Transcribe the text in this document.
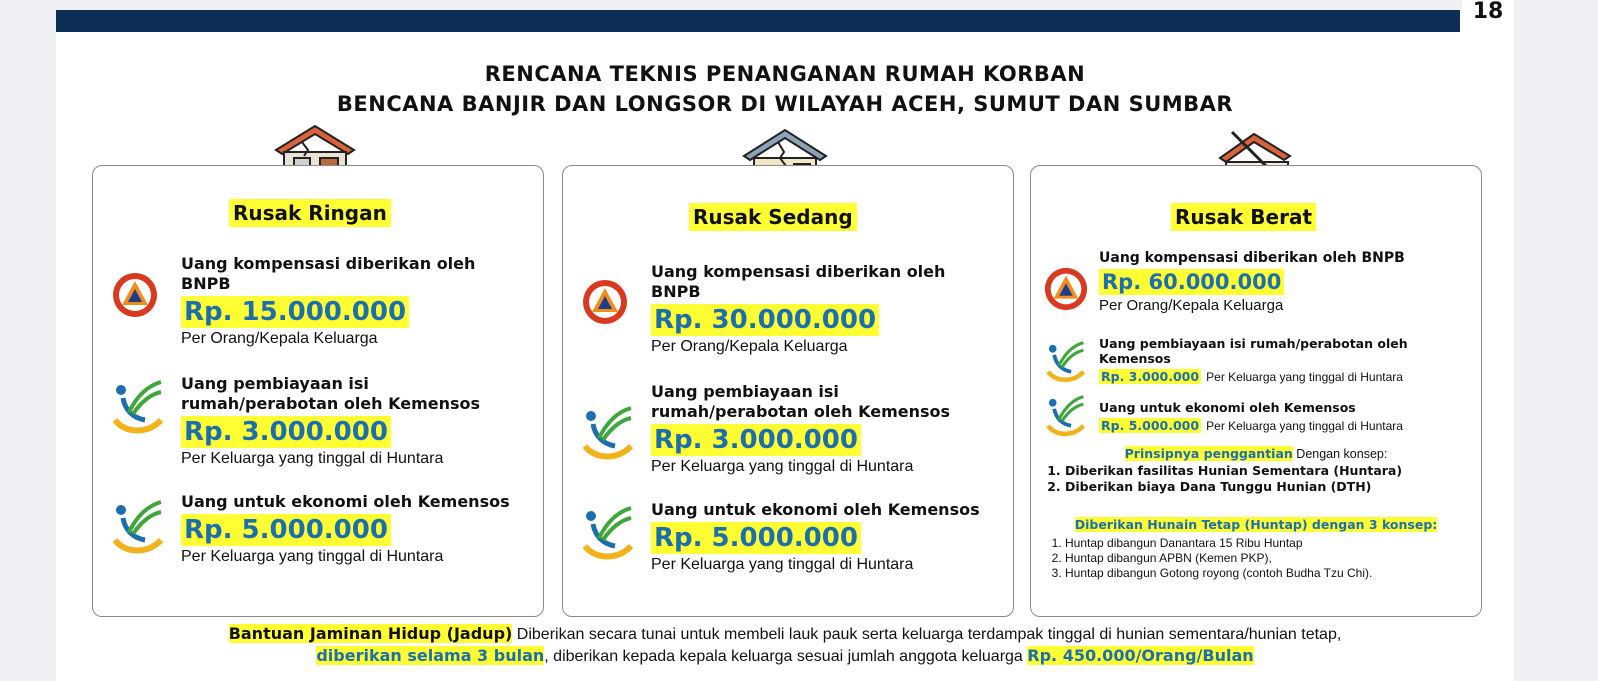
18
RENCANA TEKNIS PENANGANAN RUMAH KORBAN
BENCANA BANJIR DAN LONGSOR DI WILAYAH ACEH, SUMUT DAN SUMBAR
Rusak Ringan
Uang kompensasi diberikan oleh BNPB
Rp. 15.000.000
Per Orang/Kepala Keluarga
Uang pembiayaan isi rumah/perabotan oleh Kemensos
Rp. 3.000.000
Per Keluarga yang tinggal di Huntara
Uang untuk ekonomi oleh Kemensos
Rp. 5.000.000
Per Keluarga yang tinggal di Huntara
Rusak Sedang
Uang kompensasi diberikan oleh BNPB
Rp. 30.000.000
Per Orang/Kepala Keluarga
Uang pembiayaan isi rumah/perabotan oleh Kemensos
Rp. 3.000.000
Per Keluarga yang tinggal di Huntara
Uang untuk ekonomi oleh Kemensos
Rp. 5.000.000
Per Keluarga yang tinggal di Huntara
Rusak Berat
Uang kompensasi diberikan oleh BNPB
Rp. 60.000.000
Per Orang/Kepala Keluarga
Uang pembiayaan isi rumah/perabotan oleh Kemensos
Rp. 3.000.000 Per Keluarga yang tinggal di Huntara
Uang untuk ekonomi oleh Kemensos
Rp. 5.000.000 Per Keluarga yang tinggal di Huntara
Prinsipnya penggantian Dengan konsep:
1. Diberikan fasilitas Hunian Sementara (Huntara)
2. Diberikan biaya Dana Tunggu Hunian (DTH)
Diberikan Hunain Tetap (Huntap) dengan 3 konsep:
1. Huntap dibangun Danantara 15 Ribu Huntap
2. Huntap dibangun APBN (Kemen PKP),
3. Huntap dibangun Gotong royong (contoh Budha Tzu Chi).
Bantuan Jaminan Hidup (Jadup) Diberikan secara tunai untuk membeli lauk pauk serta keluarga terdampak tinggal di hunian sementara/hunian tetap,
diberikan selama 3 bulan, diberikan kepada kepala keluarga sesuai jumlah anggota keluarga Rp. 450.000/Orang/Bulan
